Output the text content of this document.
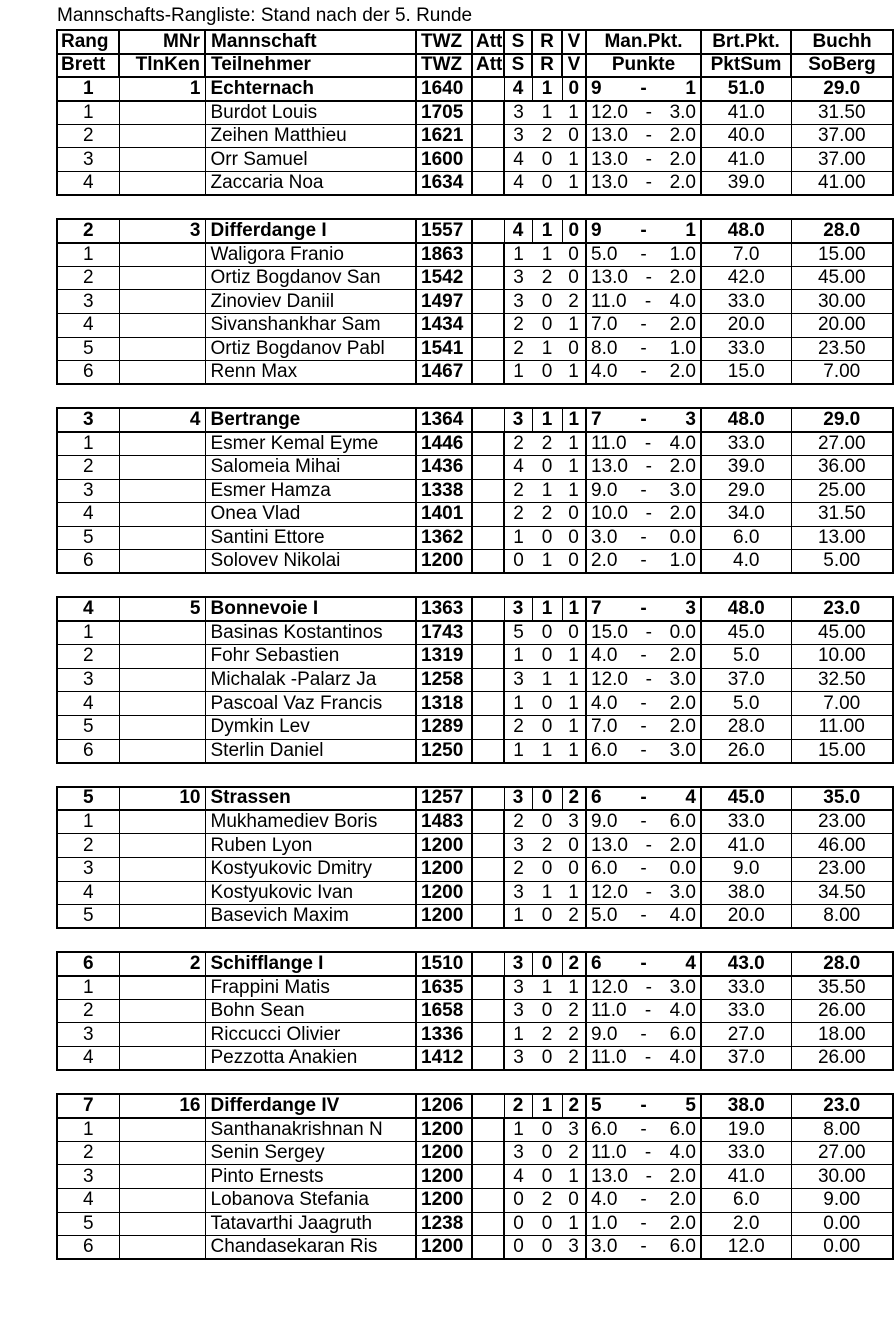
Mannschafts-Rangliste: Stand nach der 5. Runde
Rang	MNr	Mannschaft	TWZ	Att	S	R	V	Man.Pkt.	Brt.Pkt.	Buchh
Brett	TlnKen	Teilnehmer	TWZ	Att	S	R	V	Punkte	PktSum	SoBerg
1	1	Echternach	1640		4	1	0	9 - 1	51.0	29.0
1		Burdot Louis	1705		3	1	1	12.0 - 3.0	41.0	31.50
2		Zeihen Matthieu	1621		3	2	0	13.0 - 2.0	40.0	37.00
3		Orr Samuel	1600		4	0	1	13.0 - 2.0	41.0	37.00
4		Zaccaria Noa	1634		4	0	1	13.0 - 2.0	39.0	41.00

2	3	Differdange I	1557		4	1	0	9 - 1	48.0	28.0
1		Waligora Franio	1863		1	1	0	5.0 - 1.0	7.0	15.00
2		Ortiz Bogdanov San	1542		3	2	0	13.0 - 2.0	42.0	45.00
3		Zinoviev Daniil	1497		3	0	2	11.0 - 4.0	33.0	30.00
4		Sivanshankhar Sam	1434		2	0	1	7.0 - 2.0	20.0	20.00
5		Ortiz Bogdanov Pabl	1541		2	1	0	8.0 - 1.0	33.0	23.50
6		Renn Max	1467		1	0	1	4.0 - 2.0	15.0	7.00

3	4	Bertrange	1364		3	1	1	7 - 3	48.0	29.0
1		Esmer Kemal Eyme	1446		2	2	1	11.0 - 4.0	33.0	27.00
2		Salomeia Mihai	1436		4	0	1	13.0 - 2.0	39.0	36.00
3		Esmer Hamza	1338		2	1	1	9.0 - 3.0	29.0	25.00
4		Onea Vlad	1401		2	2	0	10.0 - 2.0	34.0	31.50
5		Santini Ettore	1362		1	0	0	3.0 - 0.0	6.0	13.00
6		Solovev Nikolai	1200		0	1	0	2.0 - 1.0	4.0	5.00

4	5	Bonnevoie I	1363		3	1	1	7 - 3	48.0	23.0
1		Basinas Kostantinos	1743		5	0	0	15.0 - 0.0	45.0	45.00
2		Fohr Sebastien	1319		1	0	1	4.0 - 2.0	5.0	10.00
3		Michalak -Palarz Ja	1258		3	1	1	12.0 - 3.0	37.0	32.50
4		Pascoal Vaz Francis	1318		1	0	1	4.0 - 2.0	5.0	7.00
5		Dymkin Lev	1289		2	0	1	7.0 - 2.0	28.0	11.00
6		Sterlin Daniel	1250		1	1	1	6.0 - 3.0	26.0	15.00

5	10	Strassen	1257		3	0	2	6 - 4	45.0	35.0
1		Mukhamediev Boris	1483		2	0	3	9.0 - 6.0	33.0	23.00
2		Ruben Lyon	1200		3	2	0	13.0 - 2.0	41.0	46.00
3		Kostyukovic Dmitry	1200		2	0	0	6.0 - 0.0	9.0	23.00
4		Kostyukovic Ivan	1200		3	1	1	12.0 - 3.0	38.0	34.50
5		Basevich Maxim	1200		1	0	2	5.0 - 4.0	20.0	8.00

6	2	Schifflange I	1510		3	0	2	6 - 4	43.0	28.0
1		Frappini Matis	1635		3	1	1	12.0 - 3.0	33.0	35.50
2		Bohn Sean	1658		3	0	2	11.0 - 4.0	33.0	26.00
3		Riccucci Olivier	1336		1	2	2	9.0 - 6.0	27.0	18.00
4		Pezzotta Anakien	1412		3	0	2	11.0 - 4.0	37.0	26.00

7	16	Differdange IV	1206		2	1	2	5 - 5	38.0	23.0
1		Santhanakrishnan N	1200		1	0	3	6.0 - 6.0	19.0	8.00
2		Senin Sergey	1200		3	0	2	11.0 - 4.0	33.0	27.00
3		Pinto Ernests	1200		4	0	1	13.0 - 2.0	41.0	30.00
4		Lobanova Stefania	1200		0	2	0	4.0 - 2.0	6.0	9.00
5		Tatavarthi Jaagruth	1238		0	0	1	1.0 - 2.0	2.0	0.00
6		Chandasekaran Ris	1200		0	0	3	3.0 - 6.0	12.0	0.00
